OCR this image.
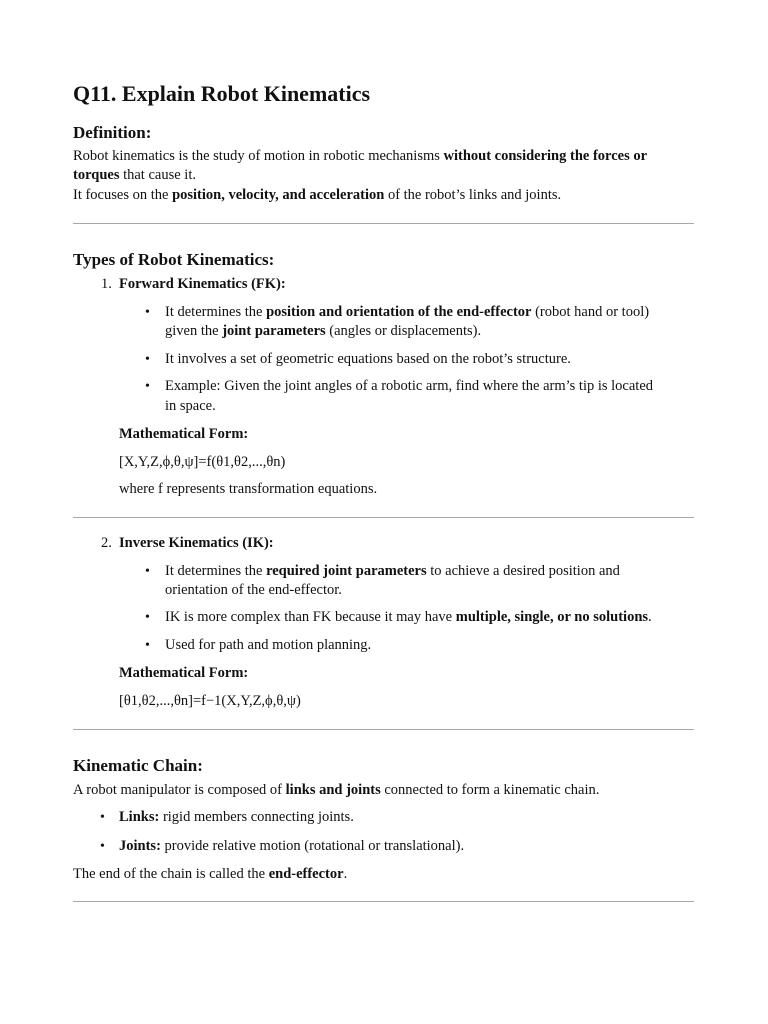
Q11. Explain Robot Kinematics
Definition:

Robot kinematics is the study of motion in robotic mechanisms without considering the forces or

torques that cause it.

It focuses on the position, velocity, and acceleration of the robot’s links and joints.

Types of Robot Kinematics:
1. Forward Kinematics (FK):

• It determines the position and orientation of the end-effector (robot hand or tool)

given the joint parameters (angles or displacements).

• It involves a set of geometric equations based on the robot’s structure.

• Example: Given the joint angles of a robotic arm, find where the arm’s tip is located

in space.

Mathematical Form:

[X,Y,Z,ϕ,θ,ψ]=f(θ1,θ2,...,θn)

where f represents transformation equations.

2. Inverse Kinematics (IK):

• It determines the required joint parameters to achieve a desired position and

orientation of the end-effector.

• IK is more complex than FK because it may have multiple, single, or no solutions.

• Used for path and motion planning.

Mathematical Form:

[θ1,θ2,...,θn]=f−1(X,Y,Z,ϕ,θ,ψ)

Kinematic Chain:

A robot manipulator is composed of links and joints connected to form a kinematic chain.

• Links: rigid members connecting joints.

• Joints: provide relative motion (rotational or translational).

The end of the chain is called the end-effector.
